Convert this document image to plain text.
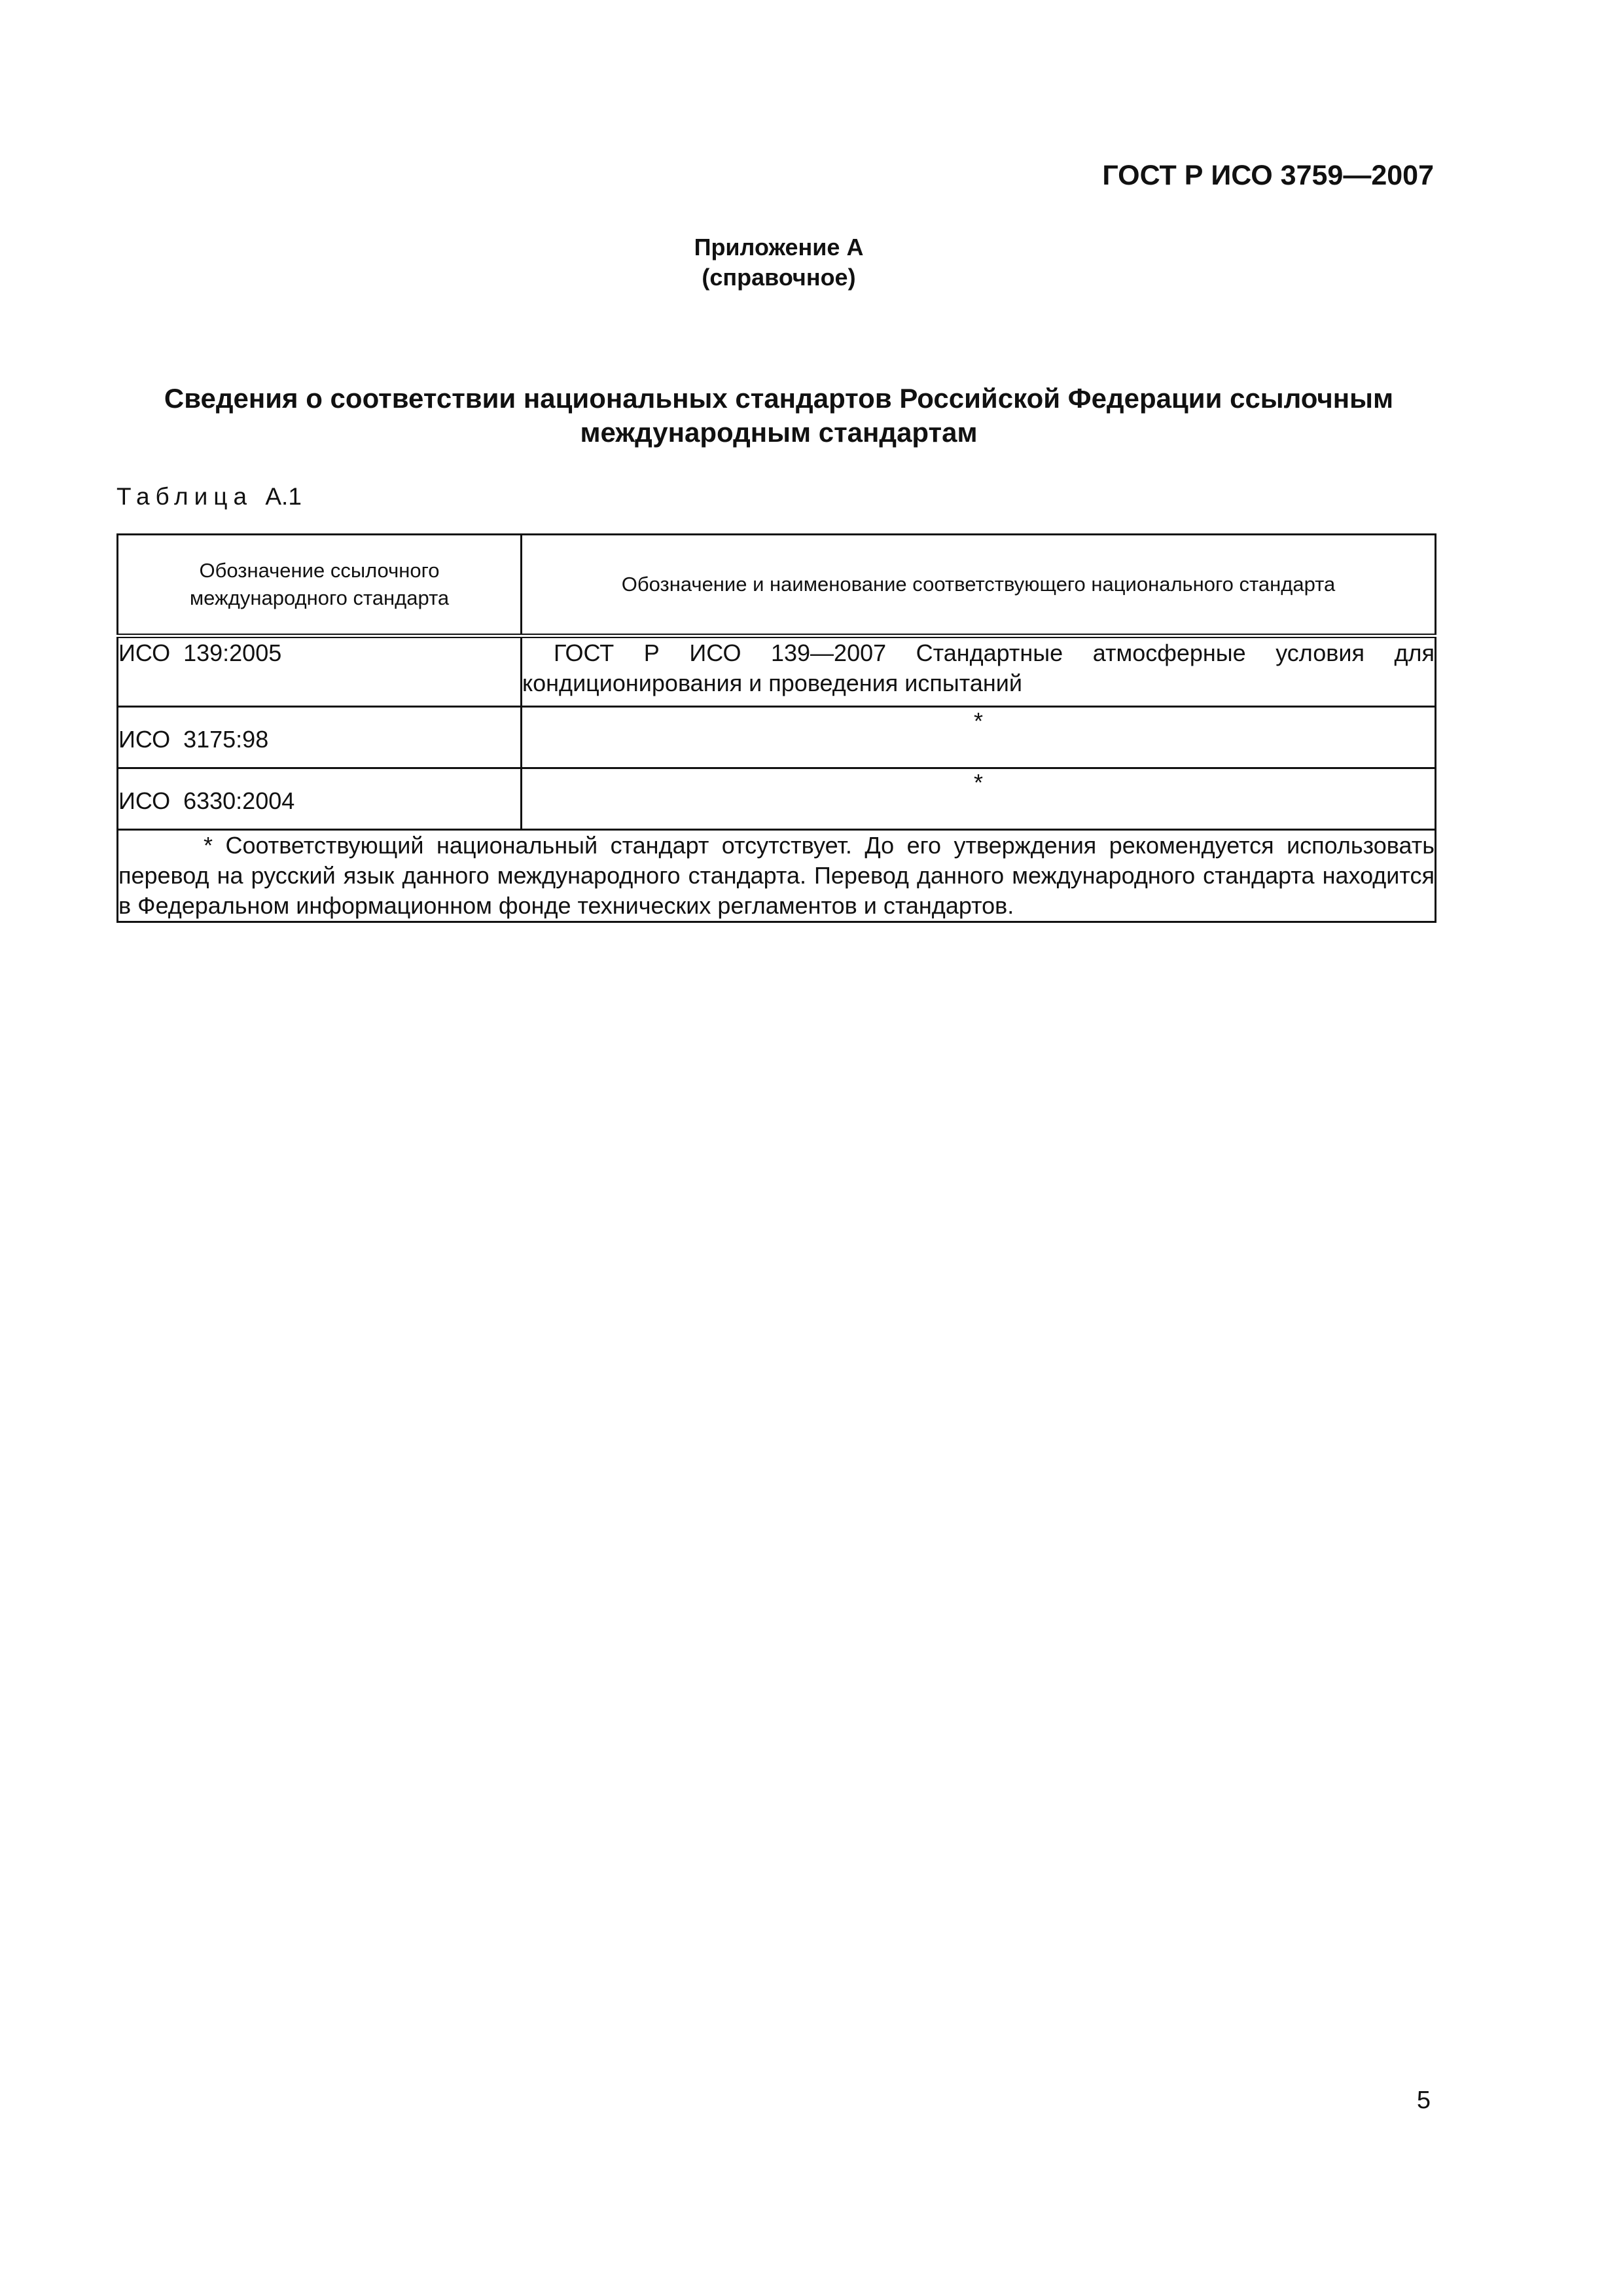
ГОСТ Р ИСО 3759—2007
Приложение А
(справочное)
Сведения о соответствии национальных стандартов Российской Федерации ссылочным
международным стандартам
Таблица А.1
Обозначение ссылочного международного стандарта	Обозначение и наименование соответствующего национального стандарта
ИСО  139:2005	ГОСТ Р ИСО 139—2007 Стандартные атмосферные условия для кондиционирования и проведения испытаний
ИСО  3175:98	*
ИСО  6330:2004	*
* Соответствующий национальный стандарт отсутствует. До его утверждения рекомендуется использовать перевод на русский язык данного международного стандарта. Перевод данного международного стандарта находится в Федеральном информационном фонде технических регламентов и стандартов.	
5
